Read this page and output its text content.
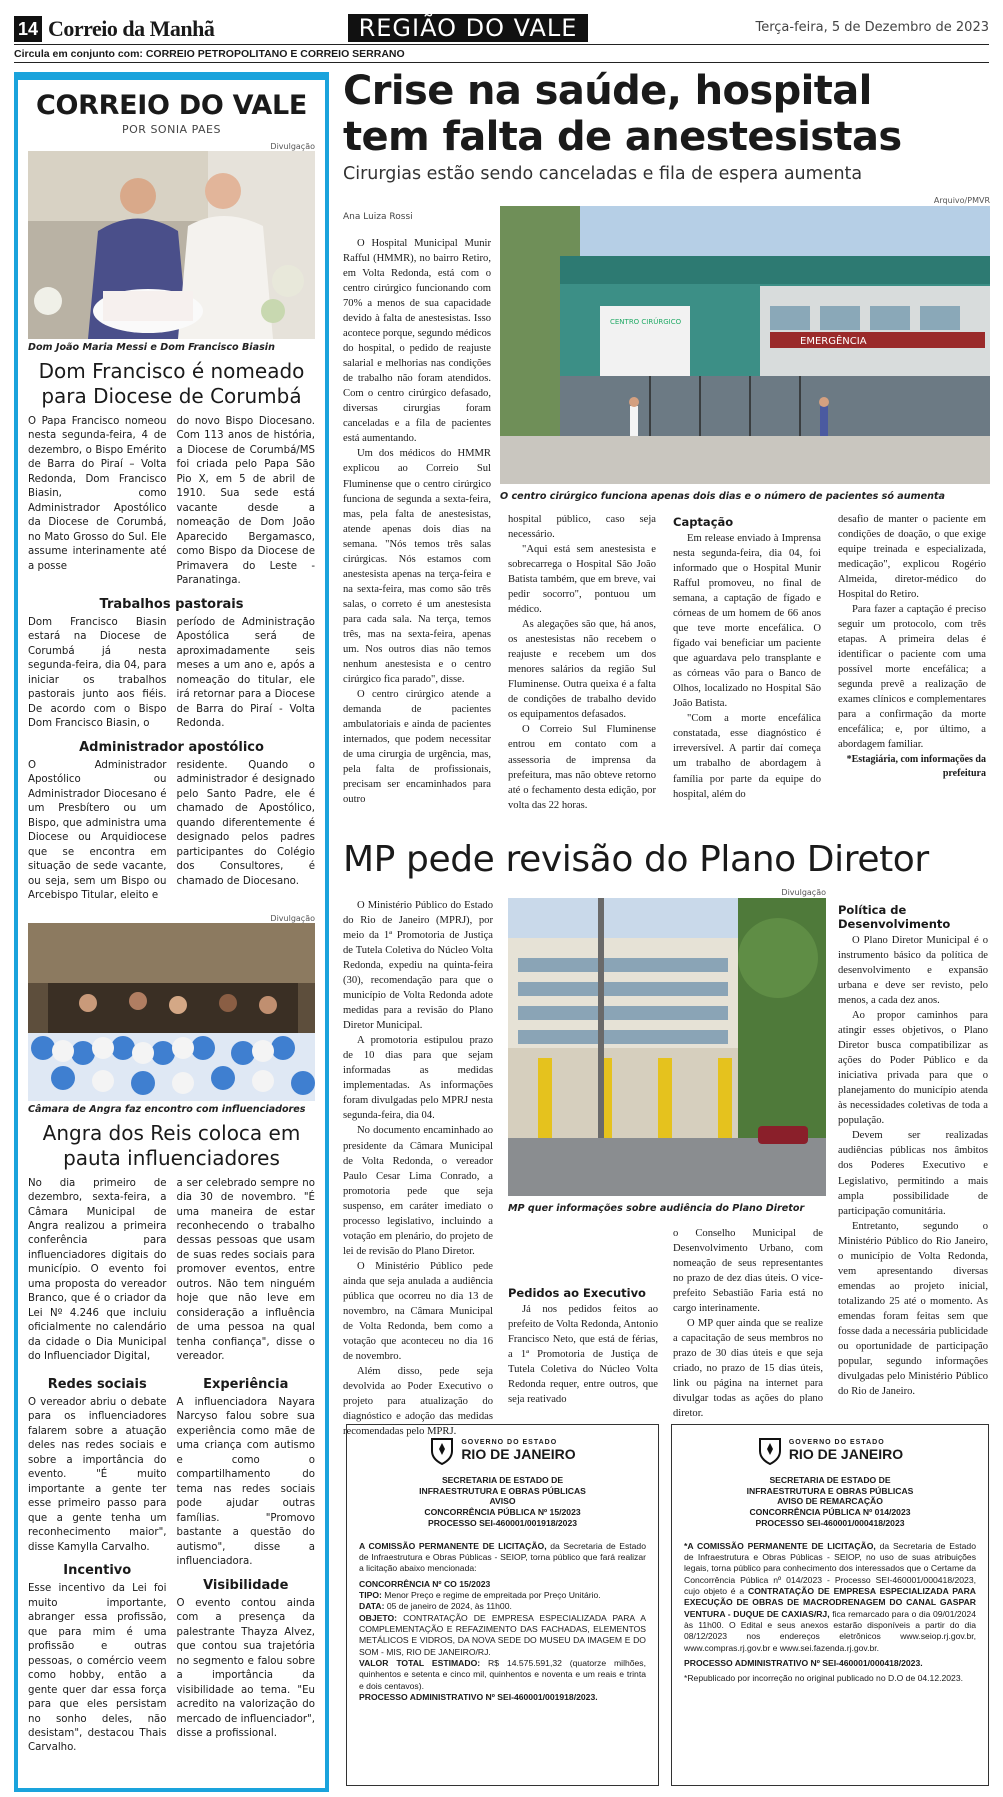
14 Correio da Manhã	REGIÃO DO VALE	Terça-feira, 5 de Dezembro de 2023
Circula em conjunto com: CORREIO PETROPOLITANO E CORREIO SERRANO
CORREIO DO VALE
POR SONIA PAES
Divulgação
Dom João Maria Messi e Dom Francisco Biasin
Dom Francisco é nomeado para Diocese de Corumbá

O Papa Francisco nomeou nesta segunda-feira, 4 de dezembro, o Bispo Emérito de Barra do Piraí – Volta Redonda, Dom Francisco Biasin, como Administrador Apostólico da Diocese de Corumbá, no Mato Grosso do Sul. Ele assume interinamente até a posse

do novo Bispo Diocesano. Com 113 anos de história, a Diocese de Corumbá/MS foi criada pelo Papa São Pio X, em 5 de abril de 1910. Sua sede está vacante desde a nomeação de Dom João Aparecido Bergamasco, como Bispo da Diocese de Primavera do Leste - Paranatinga.

Trabalhos pastorais

Dom Francisco Biasin estará na Diocese de Corumbá já nesta segunda-feira, dia 04, para iniciar os trabalhos pastorais junto aos fiéis. De acordo com o Bispo Dom Francisco Biasin, o

período de Administração Apostólica será de aproximadamente seis meses a um ano e, após a nomeação do titular, ele irá retornar para a Diocese de Barra do Piraí - Volta Redonda.

Administrador apostólico

O Administrador Apostólico ou Administrador Diocesano é um Presbítero ou um Bispo, que administra uma Diocese ou Arquidiocese que se encontra em situação de sede vacante, ou seja, sem um Bispo ou Arcebispo Titular, eleito e

residente. Quando o administrador é designado pelo Santo Padre, ele é chamado de Apostólico, quando diferentemente é designado pelos padres participantes do Colégio dos Consultores, é chamado de Diocesano.

Divulgação
Câmara de Angra faz encontro com influenciadores
Angra dos Reis coloca em pauta influenciadores

No dia primeiro de dezembro, sexta-feira, a Câmara Municipal de Angra realizou a primeira conferência para influenciadores digitais do município. O evento foi uma proposta do vereador Branco, que é o criador da Lei Nº 4.246 que incluiu oficialmente no calendário da cidade o Dia Municipal do Influenciador Digital,

a ser celebrado sempre no dia 30 de novembro. "É uma maneira de estar reconhecendo o trabalho dessas pessoas que usam de suas redes sociais para promover eventos, entre outros. Não tem ninguém hoje que não leve em consideração a influência de uma pessoa na qual tenha confiança", disse o vereador.

Redes sociais

O vereador abriu o debate para os influenciadores falarem sobre a atuação deles nas redes sociais e sobre a importância do evento. "É muito importante a gente ter esse primeiro passo para que a gente tenha um reconhecimento maior", disse Kamylla Carvalho.

Incentivo

Esse incentivo da Lei foi muito importante, abranger essa profissão, que para mim é uma profissão e outras pessoas, o comércio veem como hobby, então a gente quer dar essa força para que eles persistam no sonho deles, não desistam", destacou Thais Carvalho.

Experiência

A influenciadora Nayara Narcyso falou sobre sua experiência como mãe de uma criança com autismo e como o compartilhamento do tema nas redes sociais pode ajudar outras famílias. "Promovo bastante a questão do autismo", disse a influenciadora.

Visibilidade

O evento contou ainda com a presença da palestrante Thayza Alvez, que contou sua trajetória no segmento e falou sobre a importância da visibilidade ao tema. "Eu acredito na valorização do mercado de influenciador", disse a profissional.

Crise na saúde, hospital
tem falta de anestesistas
Cirurgias estão sendo canceladas e fila de espera aumenta
Ana Luiza Rossi

O Hospital Municipal Munir Rafful (HMMR), no bairro Retiro, em Volta Redonda, está com o centro cirúrgico funcionando com 70% a menos de sua capacidade devido à falta de anestesistas. Isso acontece porque, segundo médicos do hospital, o pedido de reajuste salarial e melhorias nas condições de trabalho não foram atendidos. Com o centro cirúrgico defasado, diversas cirurgias foram canceladas e a fila de pacientes está aumentando.

Um dos médicos do HMMR explicou ao Correio Sul Fluminense que o centro cirúrgico funciona de segunda a sexta-feira, mas, pela falta de anestesistas, atende apenas dois dias na semana. "Nós temos três salas cirúrgicas. Nós estamos com anestesista apenas na terça-feira e na sexta-feira, mas como são três salas, o correto é um anestesista para cada sala. Na terça, temos três, mas na sexta-feira, apenas um. Nos outros dias não temos nenhum anestesista e o centro cirúrgico fica parado", disse.

O centro cirúrgico atende a demanda de pacientes ambulatoriais e ainda de pacientes internados, que podem necessitar de uma cirurgia de urgência, mas, pela falta de profissionais, precisam ser encaminhados para outro

Arquivo/PMVR
EMERGÊNCIA
CENTRO CIRÚRGICO
O centro cirúrgico funciona apenas dois dias e o número de pacientes só aumenta

hospital público, caso seja necessário.

"Aqui está sem anestesista e sobrecarrega o Hospital São João Batista também, que em breve, vai pedir socorro", pontuou um médico.

As alegações são que, há anos, os anestesistas não recebem o reajuste e recebem um dos menores salários da região Sul Fluminense. Outra queixa é a falta de condições de trabalho devido os equipamentos defasados.

O Correio Sul Fluminense entrou em contato com a assessoria de imprensa da prefeitura, mas não obteve retorno até o fechamento desta edição, por volta das 22 horas.

Captação

Em release enviado à Imprensa nesta segunda-feira, dia 04, foi informado que o Hospital Munir Rafful promoveu, no final de semana, a captação de fígado e córneas de um homem de 66 anos que teve morte encefálica. O fígado vai beneficiar um paciente que aguardava pelo transplante e as córneas vão para o Banco de Olhos, localizado no Hospital São João Batista.

"Com a morte encefálica constatada, esse diagnóstico é irreversível. A partir daí começa um trabalho de abordagem à família por parte da equipe do hospital, além do

desafio de manter o paciente em condições de doação, o que exige equipe treinada e especializada, medicação", explicou Rogério Almeida, diretor-médico do Hospital do Retiro.

Para fazer a captação é preciso seguir um protocolo, com três etapas. A primeira delas é identificar o paciente com uma possível morte encefálica; a segunda prevê a realização de exames clínicos e complementares para a confirmação da morte encefálica; e, por último, a abordagem familiar.

*Estagiária, com informações da prefeitura

MP pede revisão do Plano Diretor

O Ministério Público do Estado do Rio de Janeiro (MPRJ), por meio da 1ª Promotoria de Justiça de Tutela Coletiva do Núcleo Volta Redonda, expediu na quinta-feira (30), recomendação para que o município de Volta Redonda adote medidas para a revisão do Plano Diretor Municipal.

A promotoria estipulou prazo de 10 dias para que sejam informadas as medidas implementadas. As informações foram divulgadas pelo MPRJ nesta segunda-feira, dia 04.

No documento encaminhado ao presidente da Câmara Municipal de Volta Redonda, o vereador Paulo Cesar Lima Conrado, a promotoria pede que seja suspenso, em caráter imediato o processo legislativo, incluindo a votação em plenário, do projeto de lei de revisão do Plano Diretor.

O Ministério Público pede ainda que seja anulada a audiência pública que ocorreu no dia 13 de novembro, na Câmara Municipal de Volta Redonda, bem como a votação que aconteceu no dia 16 de novembro.

Além disso, pede seja devolvida ao Poder Executivo o projeto para atualização do diagnóstico e adoção das medidas recomendadas pelo MPRJ.

Divulgação
MP quer informações sobre audiência do Plano Diretor
Pedidos ao Executivo

Já nos pedidos feitos ao prefeito de Volta Redonda, Antonio Francisco Neto, que está de férias, a 1ª Promotoria de Justiça de Tutela Coletiva do Núcleo Volta Redonda requer, entre outros, que seja reativado

o Conselho Municipal de Desenvolvimento Urbano, com nomeação de seus representantes no prazo de dez dias úteis. O vice-prefeito Sebastião Faria está no cargo interinamente.

O MP quer ainda que se realize a capacitação de seus membros no prazo de 30 dias úteis e que seja criado, no prazo de 15 dias úteis, link ou página na internet para divulgar todas as ações do plano diretor.

Política de Desenvolvimento

O Plano Diretor Municipal é o instrumento básico da política de desenvolvimento e expansão urbana e deve ser revisto, pelo menos, a cada dez anos.

Ao propor caminhos para atingir esses objetivos, o Plano Diretor busca compatibilizar as ações do Poder Público e da iniciativa privada para que o planejamento do município atenda às necessidades coletivas de toda a população.

Devem ser realizadas audiências públicas nos âmbitos dos Poderes Executivo e Legislativo, permitindo a mais ampla possibilidade de participação comunitária.

Entretanto, segundo o Ministério Público do Rio Janeiro, o município de Volta Redonda, vem apresentando diversas emendas ao projeto inicial, totalizando 25 até o momento. As emendas foram feitas sem que fosse dada a necessária publicidade ou oportunidade de participação popular, segundo informações divulgadas pelo Ministério Público do Rio de Janeiro.

GOVERNO DO ESTADO
RIO DE JANEIRO
SECRETARIA DE ESTADO DE
INFRAESTRUTURA E OBRAS PÚBLICAS
AVISO
CONCORRÊNCIA PÚBLICA Nº 15/2023
PROCESSO SEI-460001/001918/2023
A COMISSÃO PERMANENTE DE LICITAÇÃO, da Secretaria de Estado de Infraestrutura e Obras Públicas - SEIOP, torna público que fará realizar a licitação abaixo mencionada:
CONCORRÊNCIA Nº CO 15/2023
TIPO: Menor Preço e regime de empreitada por Preço Unitário.
DATA: 05 de janeiro de 2024, às 11h00.
OBJETO: CONTRATAÇÃO DE EMPRESA ESPECIALIZADA PARA A COMPLEMENTAÇÃO E REFAZIMENTO DAS FACHADAS, ELEMENTOS METÁLICOS E VIDROS, DA NOVA SEDE DO MUSEU DA IMAGEM E DO SOM - MIS, RIO DE JANEIRO/RJ.
VALOR TOTAL ESTIMADO: R$ 14.575.591,32 (quatorze milhões, quinhentos e setenta e cinco mil, quinhentos e noventa e um reais e trinta e dois centavos).
PROCESSO ADMINISTRATIVO Nº SEI-460001/001918/2023.
GOVERNO DO ESTADO
RIO DE JANEIRO
SECRETARIA DE ESTADO DE
INFRAESTRUTURA E OBRAS PÚBLICAS
AVISO DE REMARCAÇÃO
CONCORRÊNCIA PÚBLICA Nº 014/2023
PROCESSO SEI-460001/000418/2023
*A COMISSÃO PERMANENTE DE LICITAÇÃO, da Secretaria de Estado de Infraestrutura e Obras Públicas - SEIOP, no uso de suas atribuições legais, torna público para conhecimento dos interessados que o Certame da Concorrência Pública nº 014/2023 - Processo SEI-460001/000418/2023, cujo objeto é a CONTRATAÇÃO DE EMPRESA ESPECIALIZADA PARA EXECUÇÃO DE OBRAS DE MACRODRENAGEM DO CANAL GASPAR VENTURA - DUQUE DE CAXIAS/RJ, fica remarcado para o dia 09/01/2024 às 11h00. O Edital e seus anexos estarão disponíveis a partir do dia 08/12/2023 nos endereços eletrônicos www.seiop.rj.gov.br, www.compras.rj.gov.br e www.sei.fazenda.rj.gov.br.
PROCESSO ADMINISTRATIVO Nº SEI-460001/000418/2023.
*Republicado por incorreção no original publicado no D.O de 04.12.2023.
